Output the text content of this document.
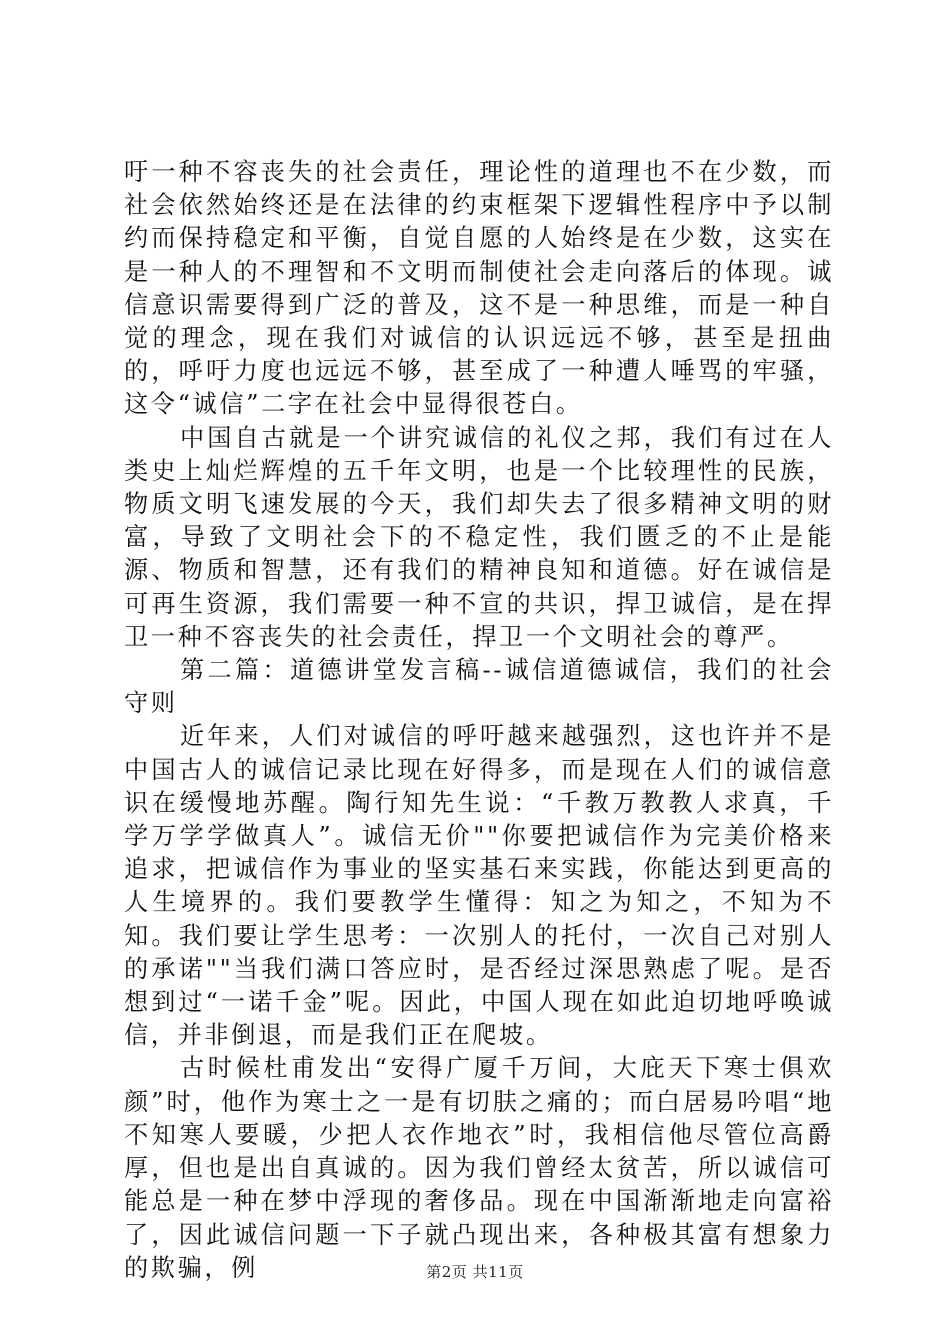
吁一种不容丧失的社会责任，理论性的道理也不在少数，而社会依然始终还是在法律的约束框架下逻辑性程序中予以制约而保持稳定和平衡，自觉自愿的人始终是在少数，这实在是一种人的不理智和不文明而制使社会走向落后的体现。诚信意识需要得到广泛的普及，这不是一种思维，而是一种自觉的理念，现在我们对诚信的认识远远不够，甚至是扭曲的，呼吁力度也远远不够，甚至成了一种遭人唾骂的牢骚，这令“诚信”二字在社会中显得很苍白。

中国自古就是一个讲究诚信的礼仪之邦，我们有过在人类史上灿烂辉煌的五千年文明，也是一个比较理性的民族，物质文明飞速发展的今天，我们却失去了很多精神文明的财富，导致了文明社会下的不稳定性，我们匮乏的不止是能源、物质和智慧，还有我们的精神良知和道德。好在诚信是可再生资源，我们需要一种不宣的共识，捍卫诚信，是在捍卫一种不容丧失的社会责任，捍卫一个文明社会的尊严。

第二篇：道德讲堂发言稿--诚信道德诚信，我们的社会守则

近年来，人们对诚信的呼吁越来越强烈，这也许并不是中国古人的诚信记录比现在好得多，而是现在人们的诚信意识在缓慢地苏醒。陶行知先生说：“千教万教教人求真，千学万学学做真人”。诚信无价""你要把诚信作为完美价格来追求，把诚信作为事业的坚实基石来实践，你能达到更高的人生境界的。我们要教学生懂得：知之为知之，不知为不知。我们要让学生思考：一次别人的托付，一次自己对别人的承诺""当我们满口答应时，是否经过深思熟虑了呢。是否想到过“一诺千金”呢。因此，中国人现在如此迫切地呼唤诚信，并非倒退，而是我们正在爬坡。

古时候杜甫发出“安得广厦千万间，大庇天下寒士俱欢颜”时，他作为寒士之一是有切肤之痛的；而白居易吟唱“地不知寒人要暖，少把人衣作地衣”时，我相信他尽管位高爵厚，但也是出自真诚的。因为我们曾经太贫苦，所以诚信可能总是一种在梦中浮现的奢侈品。现在中国渐渐地走向富裕了，因此诚信问题一下子就凸现出来，各种极其富有想象力的欺骗，例	第2页 共11页
